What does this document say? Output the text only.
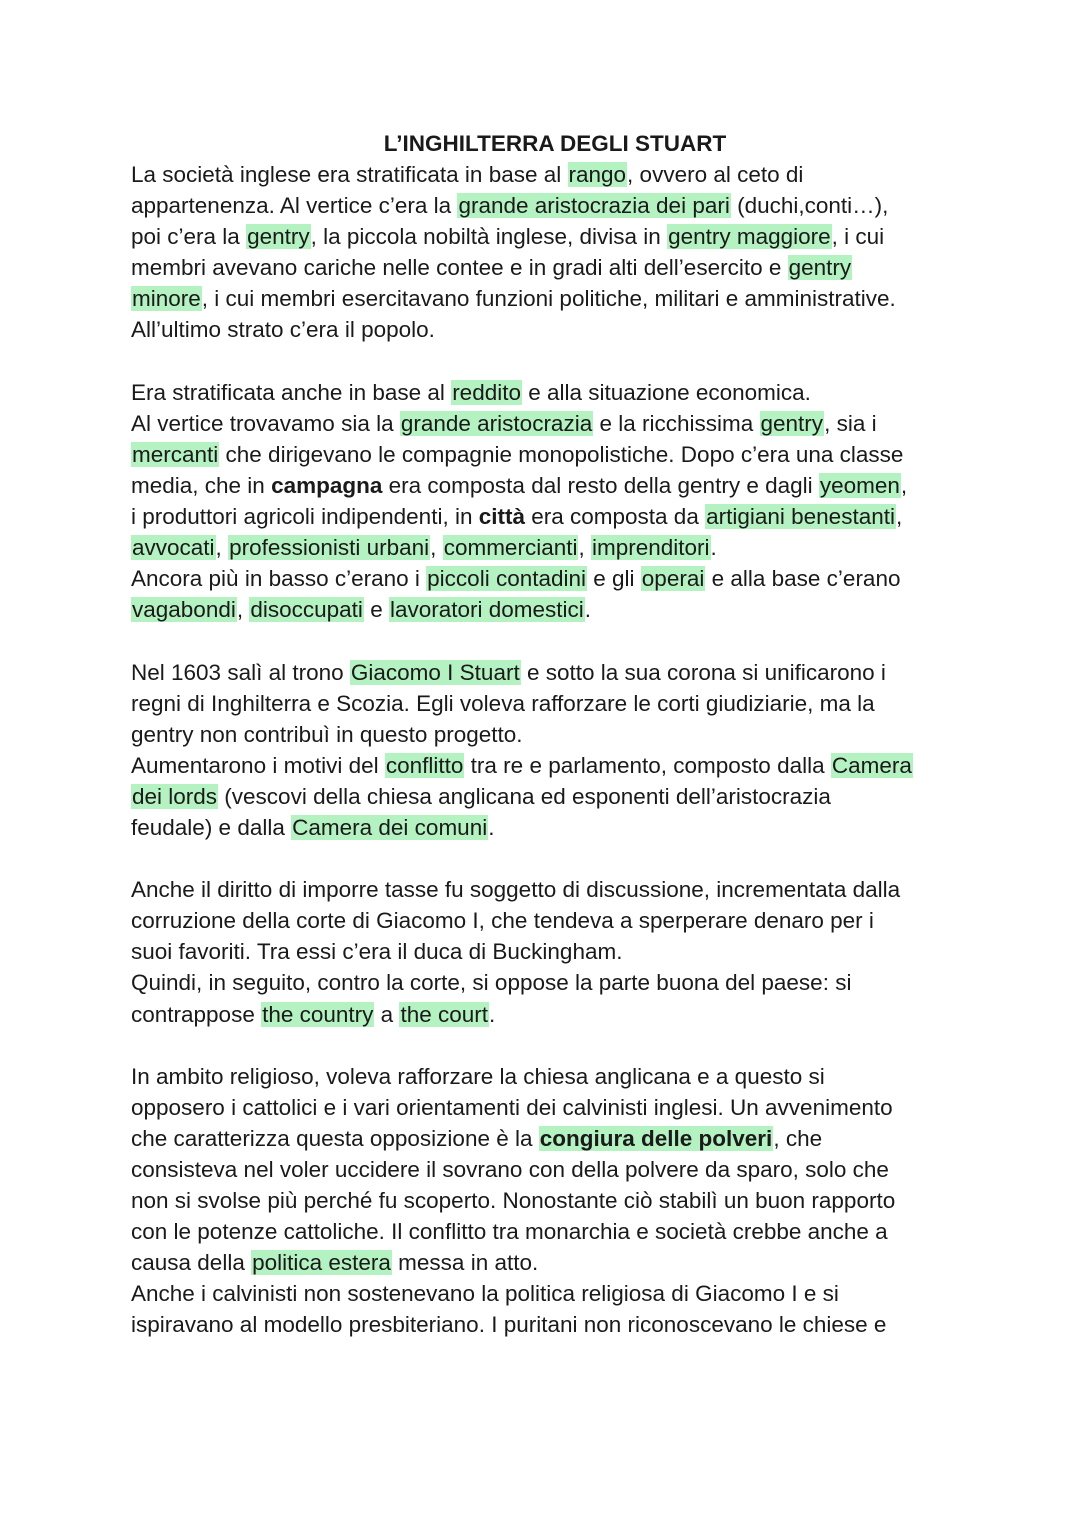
L’INGHILTERRA DEGLI STUART
La società inglese era stratificata in base al rango, ovvero al ceto di
appartenenza. Al vertice c’era la grande aristocrazia dei pari (duchi,conti…),
poi c’era la gentry, la piccola nobiltà inglese, divisa in gentry maggiore, i cui
membri avevano cariche nelle contee e in gradi alti dell’esercito e gentry
minore, i cui membri esercitavano funzioni politiche, militari e amministrative.
All’ultimo strato c’era il popolo.
Era stratificata anche in base al reddito e alla situazione economica.
Al vertice trovavamo sia la grande aristocrazia e la ricchissima gentry, sia i
mercanti che dirigevano le compagnie monopolistiche. Dopo c’era una classe
media, che in campagna era composta dal resto della gentry e dagli yeomen,
i produttori agricoli indipendenti, in città era composta da artigiani benestanti,
avvocati, professionisti urbani, commercianti, imprenditori.
Ancora più in basso c’erano i piccoli contadini e gli operai e alla base c’erano
vagabondi, disoccupati e lavoratori domestici.
Nel 1603 salì al trono Giacomo I Stuart e sotto la sua corona si unificarono i
regni di Inghilterra e Scozia. Egli voleva rafforzare le corti giudiziarie, ma la
gentry non contribuì in questo progetto.
Aumentarono i motivi del conflitto tra re e parlamento, composto dalla Camera
dei lords (vescovi della chiesa anglicana ed esponenti dell’aristocrazia
feudale) e dalla Camera dei comuni.
Anche il diritto di imporre tasse fu soggetto di discussione, incrementata dalla
corruzione della corte di Giacomo I, che tendeva a sperperare denaro per i
suoi favoriti. Tra essi c’era il duca di Buckingham.
Quindi, in seguito, contro la corte, si oppose la parte buona del paese: si
contrappose the country a the court.
In ambito religioso, voleva rafforzare la chiesa anglicana e a questo si
opposero i cattolici e i vari orientamenti dei calvinisti inglesi. Un avvenimento
che caratterizza questa opposizione è la congiura delle polveri, che
consisteva nel voler uccidere il sovrano con della polvere da sparo, solo che
non si svolse più perché fu scoperto. Nonostante ciò stabilì un buon rapporto
con le potenze cattoliche. Il conflitto tra monarchia e società crebbe anche a
causa della politica estera messa in atto.
Anche i calvinisti non sostenevano la politica religiosa di Giacomo I e si
ispiravano al modello presbiteriano. I puritani non riconoscevano le chiese e
